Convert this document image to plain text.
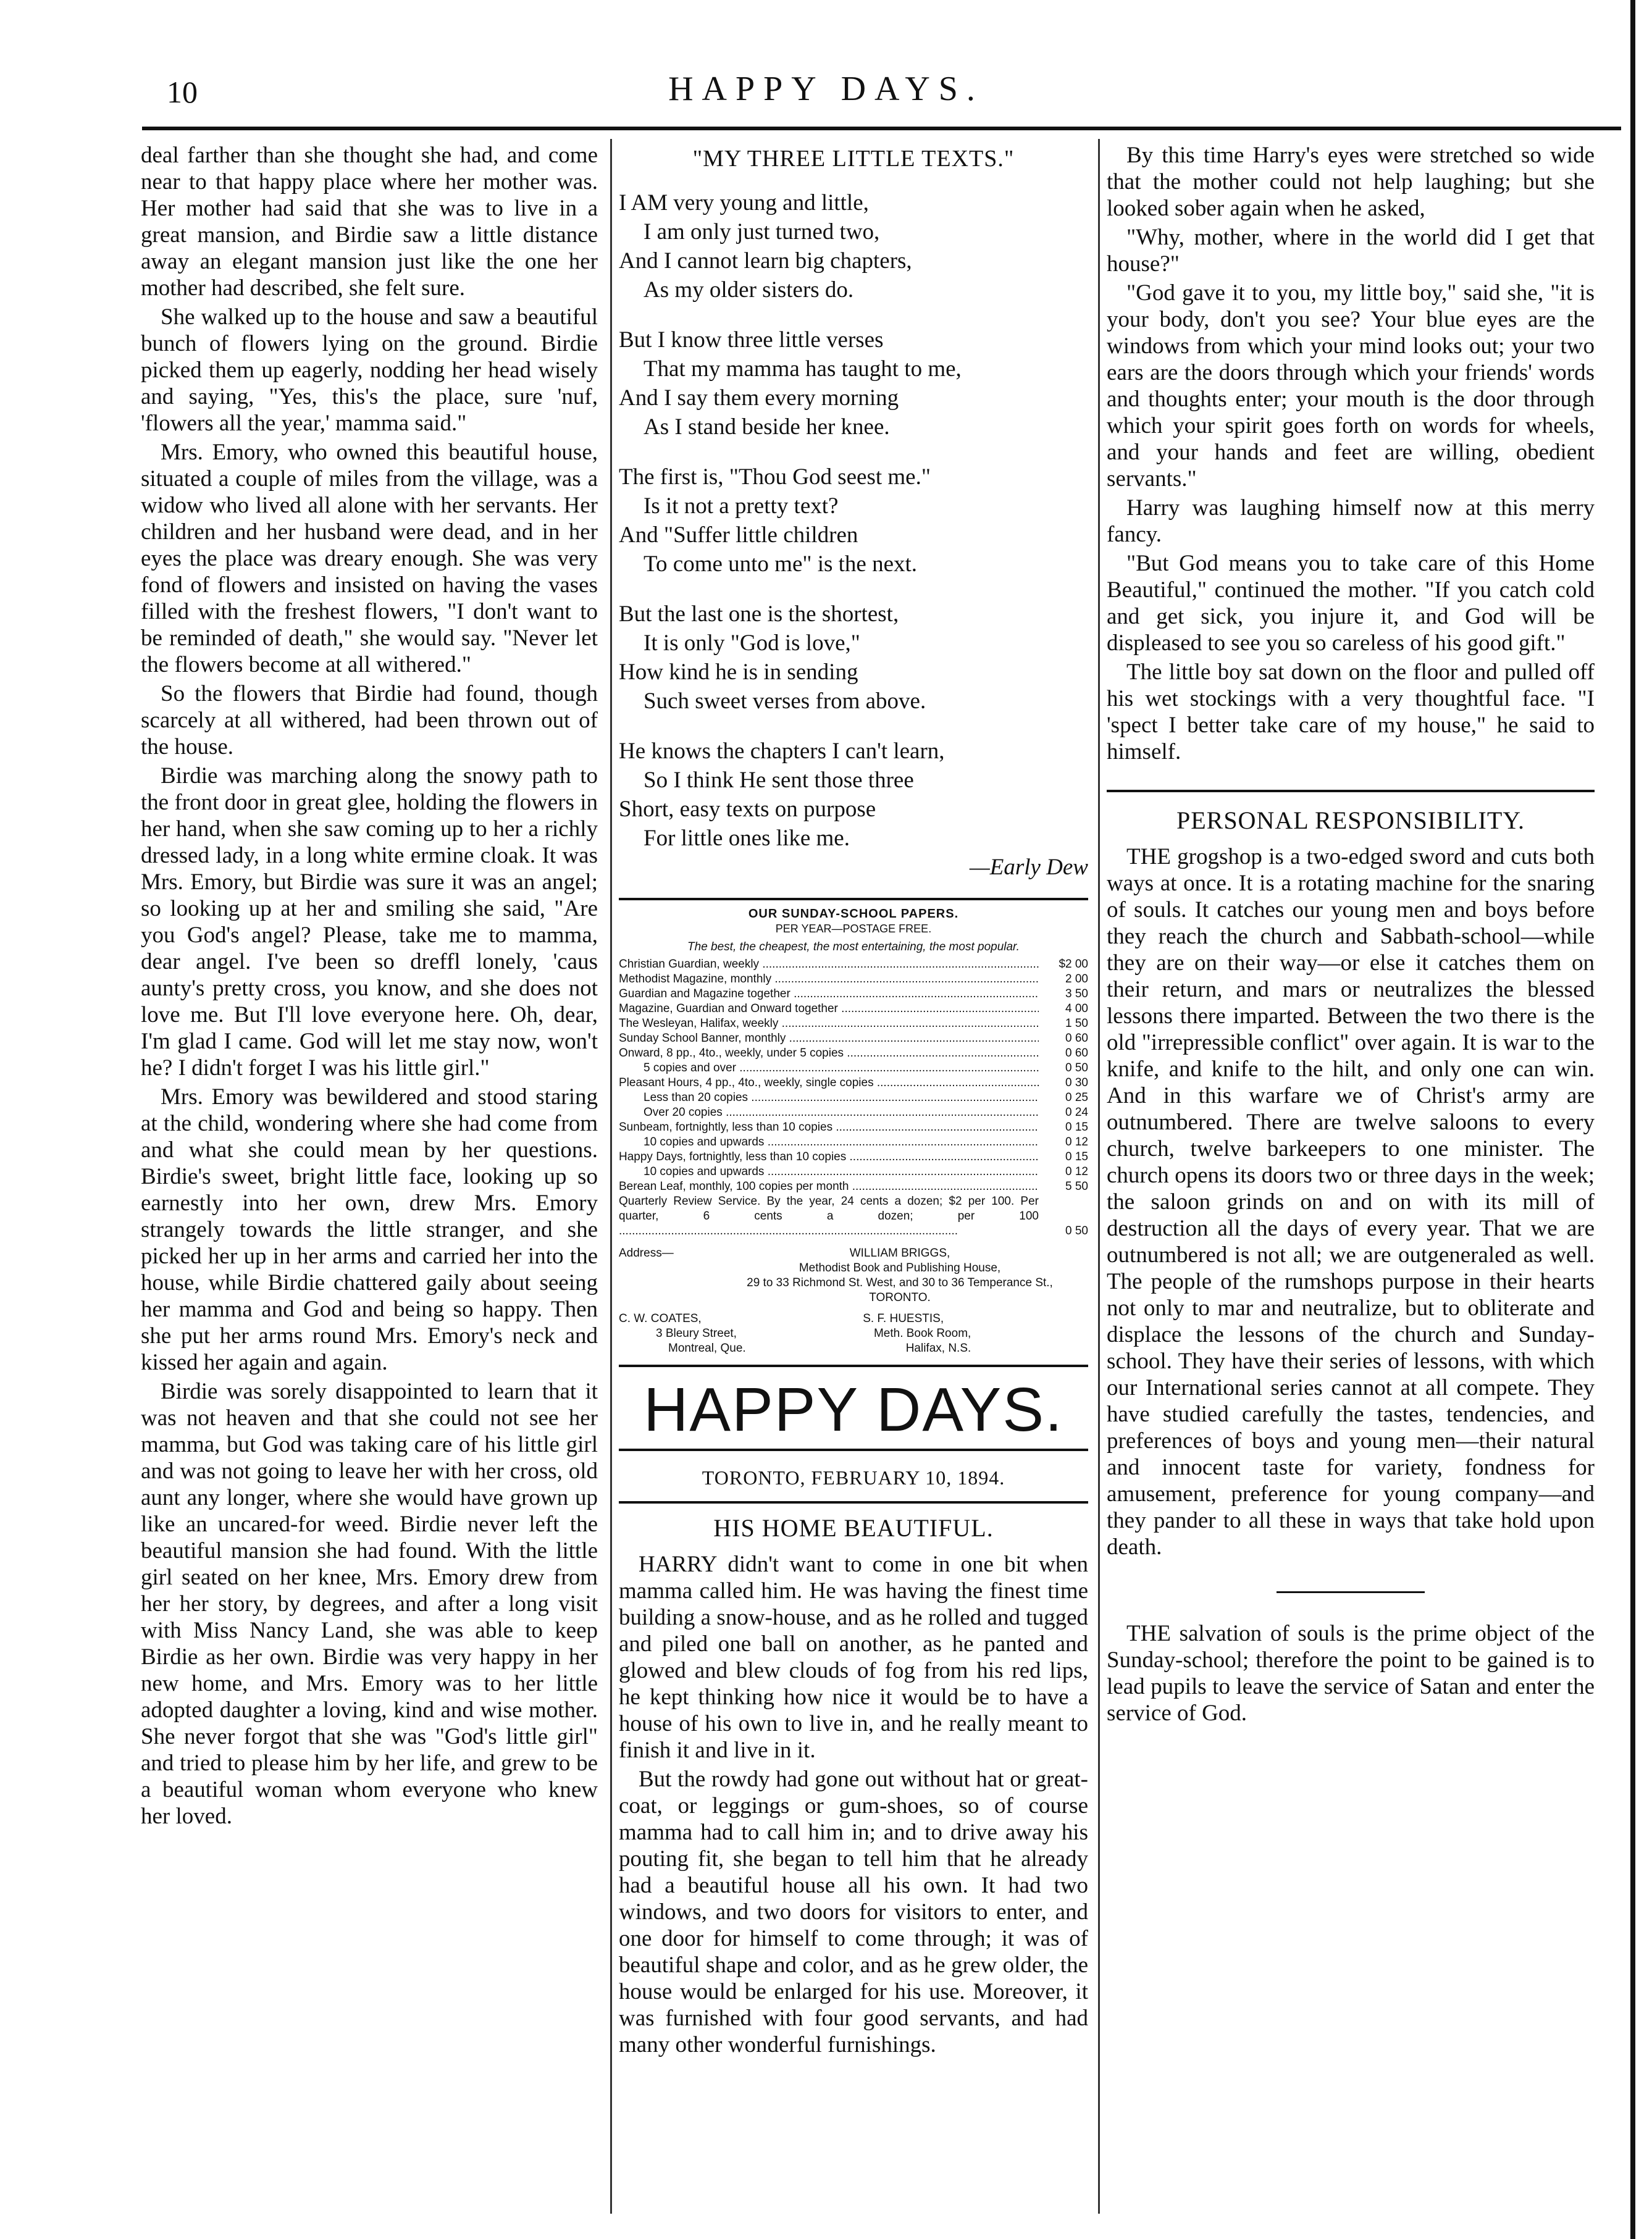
10	HAPPY DAYS.

deal farther than she thought she had, and come near to that happy place where her mother was. Her mother had said that she was to live in a great mansion, and Birdie saw a little distance away an elegant mansion just like the one her mother had described, she felt sure.

She walked up to the house and saw a beautiful bunch of flowers lying on the ground. Birdie picked them up eagerly, nodding her head wisely and saying, "Yes, this's the place, sure 'nuf, 'flowers all the year,' mamma said."

Mrs. Emory, who owned this beautiful house, situated a couple of miles from the village, was a widow who lived all alone with her servants. Her children and her husband were dead, and in her eyes the place was dreary enough. She was very fond of flowers and insisted on having the vases filled with the freshest flowers, "I don't want to be reminded of death," she would say. "Never let the flowers become at all withered."

So the flowers that Birdie had found, though scarcely at all withered, had been thrown out of the house.

Birdie was marching along the snowy path to the front door in great glee, holding the flowers in her hand, when she saw coming up to her a richly dressed lady, in a long white ermine cloak. It was Mrs. Emory, but Birdie was sure it was an angel; so looking up at her and smiling she said, "Are you God's angel? Please, take me to mamma, dear angel. I've been so dreffl lonely, 'caus aunty's pretty cross, you know, and she does not love me. But I'll love everyone here. Oh, dear, I'm glad I came. God will let me stay now, won't he? I didn't forget I was his little girl."

Mrs. Emory was bewildered and stood staring at the child, wondering where she had come from and what she could mean by her questions. Birdie's sweet, bright little face, looking up so earnestly into her own, drew Mrs. Emory strangely towards the little stranger, and she picked her up in her arms and carried her into the house, while Birdie chattered gaily about seeing her mamma and God and being so happy. Then she put her arms round Mrs. Emory's neck and kissed her again and again.

Birdie was sorely disappointed to learn that it was not heaven and that she could not see her mamma, but God was taking care of his little girl and was not going to leave her with her cross, old aunt any longer, where she would have grown up like an uncared-for weed. Birdie never left the beautiful mansion she had found. With the little girl seated on her knee, Mrs. Emory drew from her her story, by degrees, and after a long visit with Miss Nancy Land, she was able to keep Birdie as her own. Birdie was very happy in her new home, and Mrs. Emory was to her little adopted daughter a loving, kind and wise mother. She never forgot that she was "God's little girl" and tried to please him by her life, and grew to be a beautiful woman whom everyone who knew her loved.

"MY THREE LITTLE TEXTS."

I AM very young and little,

I am only just turned two,

And I cannot learn big chapters,

As my older sisters do.

But I know three little verses

That my mamma has taught to me,

And I say them every morning

As I stand beside her knee.

The first is, "Thou God seest me."

Is it not a pretty text?

And "Suffer little children

To come unto me" is the next.

But the last one is the shortest,

It is only "God is love,"

How kind he is in sending

Such sweet verses from above.

He knows the chapters I can't learn,

So I think He sent those three

Short, easy texts on purpose

For little ones like me.

—Early Dew
OUR SUNDAY-SCHOOL PAPERS.
PER YEAR—POSTAGE FREE.
The best, the cheapest, the most entertaining, the most popular.
Christian Guardian, weekly .....	$2 00
Methodist Magazine, monthly .....	2 00
Guardian and Magazine together .....	3 50
Magazine, Guardian and Onward together .....	4 00
The Wesleyan, Halifax, weekly .....	1 50
Sunday School Banner, monthly .....	0 60
Onward, 8 pp., 4to., weekly, under 5 copies .....	0 60
5 copies and over .....	0 50
Pleasant Hours, 4 pp., 4to., weekly, single copies .....	0 30
Less than 20 copies .....	0 25
Over 20 copies .....	0 24
Sunbeam, fortnightly, less than 10 copies .....	0 15
10 copies and upwards .....	0 12
Happy Days, fortnightly, less than 10 copies .....	0 15
10 copies and upwards .....	0 12
Berean Leaf, monthly, 100 copies per month .....	5 50
Quarterly Review Service. By the year, 24 cents a dozen; $2 per 100. Per quarter, 6 cents a dozen; per 100 .....
0 50
Address—	WILLIAM BRIGGS,
Methodist Book and Publishing House,
29 to 33 Richmond St. West, and 30 to 36 Temperance St.,
TORONTO.
C. W. COATES,
3 Bleury Street,
Montreal, Que.
S. F. HUESTIS,
Meth. Book Room,
Halifax, N.S.
HAPPY DAYS.
TORONTO, FEBRUARY 10, 1894.
HIS HOME BEAUTIFUL.

HARRY didn't want to come in one bit when mamma called him. He was having the finest time building a snow-house, and as he rolled and tugged and piled one ball on another, as he panted and glowed and blew clouds of fog from his red lips, he kept thinking how nice it would be to have a house of his own to live in, and he really meant to finish it and live in it.

But the rowdy had gone out without hat or great-coat, or leggings or gum-shoes, so of course mamma had to call him in; and to drive away his pouting fit, she began to tell him that he already had a beautiful house all his own. It had two windows, and two doors for visitors to enter, and one door for himself to come through; it was of beautiful shape and color, and as he grew older, the house would be enlarged for his use. Moreover, it was furnished with four good servants, and had many other wonderful furnishings.

By this time Harry's eyes were stretched so wide that the mother could not help laughing; but she looked sober again when he asked,

"Why, mother, where in the world did I get that house?"

"God gave it to you, my little boy," said she, "it is your body, don't you see? Your blue eyes are the windows from which your mind looks out; your two ears are the doors through which your friends' words and thoughts enter; your mouth is the door through which your spirit goes forth on words for wheels, and your hands and feet are willing, obedient servants."

Harry was laughing himself now at this merry fancy.

"But God means you to take care of this Home Beautiful," continued the mother. "If you catch cold and get sick, you injure it, and God will be displeased to see you so careless of his good gift."

The little boy sat down on the floor and pulled off his wet stockings with a very thoughtful face. "I 'spect I better take care of my house," he said to himself.

PERSONAL RESPONSIBILITY.

THE grogshop is a two-edged sword and cuts both ways at once. It is a rotating machine for the snaring of souls. It catches our young men and boys before they reach the church and Sabbath-school—while they are on their way—or else it catches them on their return, and mars or neutralizes the blessed lessons there imparted. Between the two there is the old "irrepressible conflict" over again. It is war to the knife, and knife to the hilt, and only one can win. And in this warfare we of Christ's army are outnumbered. There are twelve saloons to every church, twelve barkeepers to one minister. The church opens its doors two or three days in the week; the saloon grinds on and on with its mill of destruction all the days of every year. That we are outnumbered is not all; we are outgeneraled as well. The people of the rumshops purpose in their hearts not only to mar and neutralize, but to obliterate and displace the lessons of the church and Sunday-school. They have their series of lessons, with which our International series cannot at all compete. They have studied carefully the tastes, tendencies, and preferences of boys and young men—their natural and innocent taste for variety, fondness for amusement, preference for young company—and they pander to all these in ways that take hold upon death.

THE salvation of souls is the prime object of the Sunday-school; therefore the point to be gained is to lead pupils to leave the service of Satan and enter the service of God.
